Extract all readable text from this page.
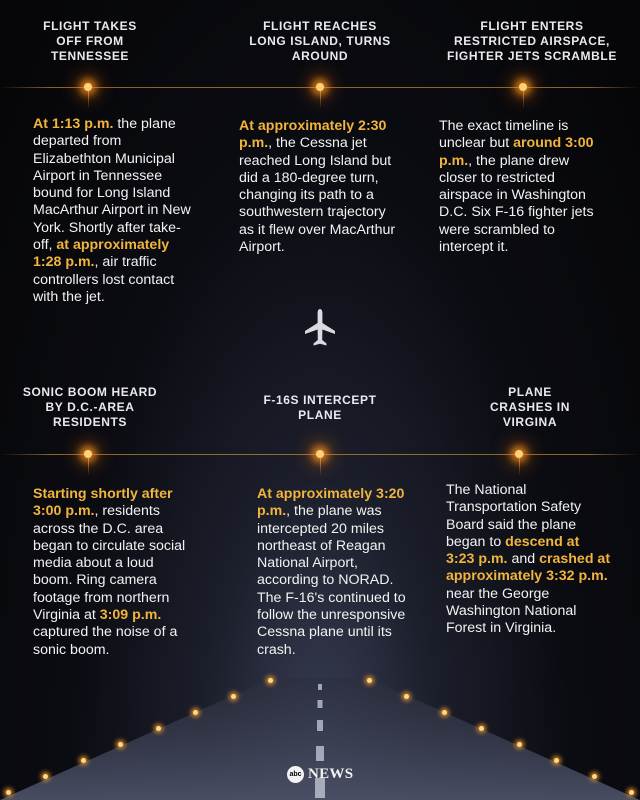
FLIGHT TAKES
OFF FROM
TENNESSEE
FLIGHT REACHES
LONG ISLAND, TURNS
AROUND
FLIGHT ENTERS
RESTRICTED AIRSPACE,
FIGHTER JETS SCRAMBLE
SONIC BOOM HEARD
BY D.C.-AREA
RESIDENTS
F-16S INTERCEPT
PLANE
PLANE
CRASHES IN
VIRGINA
At 1:13 p.m. the plane departed from Elizabethton Municipal Airport in Tennessee bound for Long Island MacArthur Airport in New York. Shortly after take-off, at approximately 1:28 p.m., air traffic controllers lost contact with the jet.
At approximately 2:30 p.m., the Cessna jet reached Long Island but did a 180-degree turn, changing its path to a southwestern trajectory as it flew over MacArthur Airport.
The exact timeline is unclear but around 3:00 p.m., the plane drew closer to restricted airspace in Washington D.C. Six F-16 fighter jets were scrambled to intercept it.
Starting shortly after 3:00 p.m., residents across the D.C. area began to circulate social media about a loud boom. Ring camera footage from northern Virginia at 3:09 p.m. captured the noise of a sonic boom.
At approximately 3:20 p.m., the plane was intercepted 20 miles northeast of Reagan National Airport, according to NORAD. The F-16's continued to follow the unresponsive Cessna plane until its crash.
The National Transportation Safety Board said the plane began to descend at 3:23 p.m. and crashed at approximately 3:32 p.m. near the George Washington National Forest in Virginia.
abc NEWS
